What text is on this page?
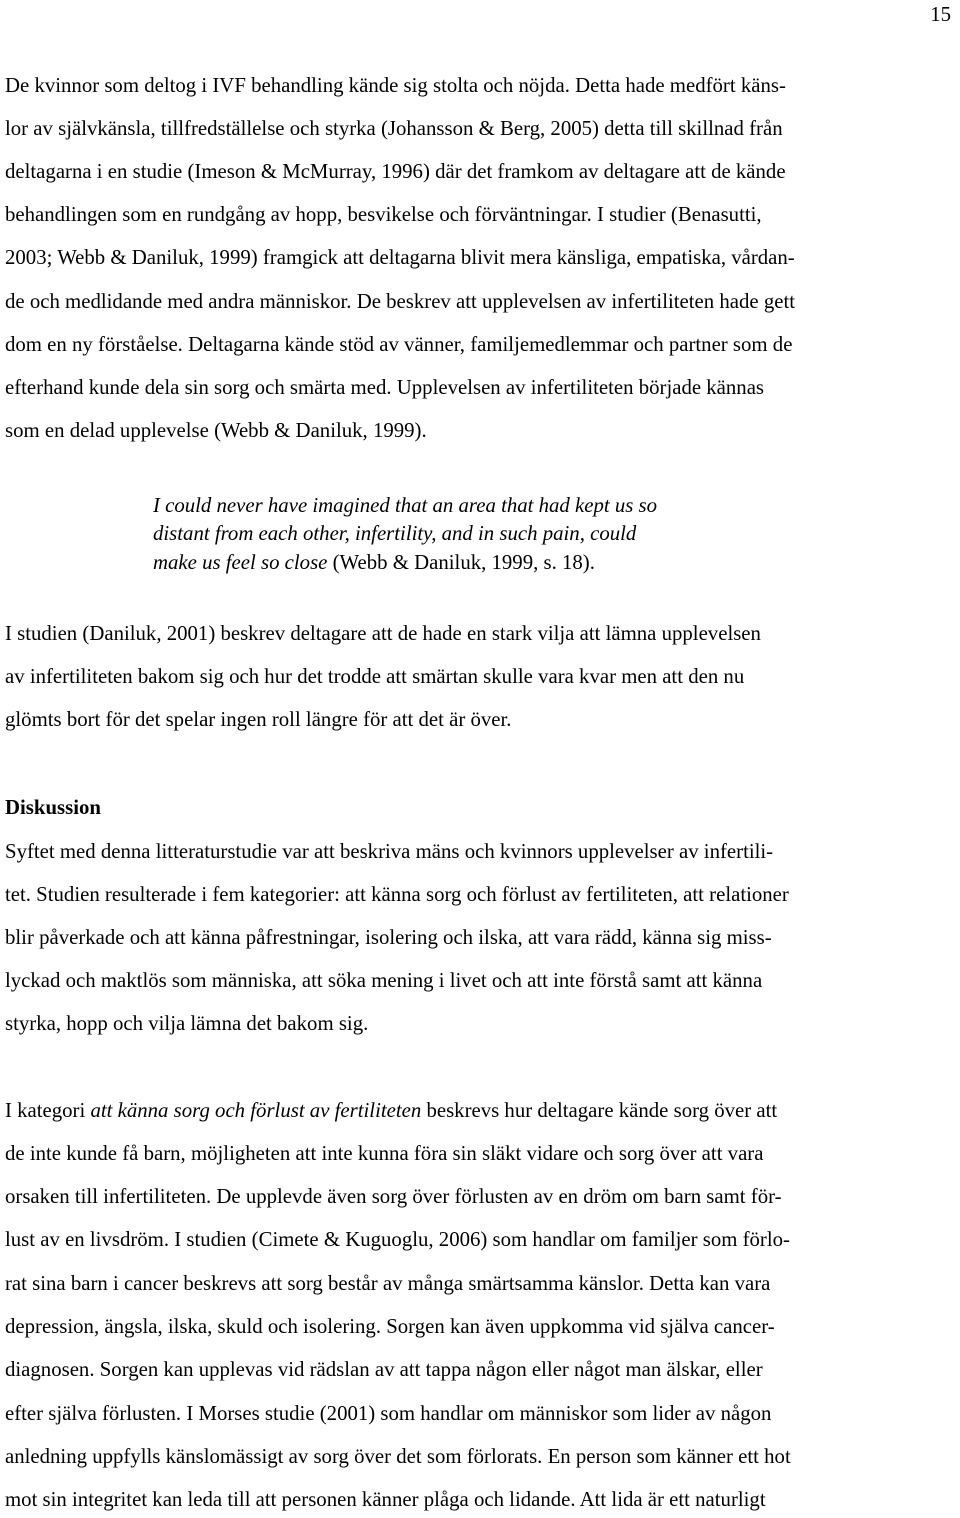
15
De kvinnor som deltog i IVF behandling kände sig stolta och nöjda. Detta hade medfört käns-
lor av självkänsla, tillfredställelse och styrka (Johansson & Berg, 2005) detta till skillnad från
deltagarna i en studie (Imeson & McMurray, 1996) där det framkom av deltagare att de kände
behandlingen som en rundgång av hopp, besvikelse och förväntningar. I studier (Benasutti,
2003; Webb & Daniluk, 1999) framgick att deltagarna blivit mera känsliga, empatiska, vårdan-
de och medlidande med andra människor. De beskrev att upplevelsen av infertiliteten hade gett
dom en ny förståelse. Deltagarna kände stöd av vänner, familjemedlemmar och partner som de
efterhand kunde dela sin sorg och smärta med. Upplevelsen av infertiliteten började kännas
som en delad upplevelse (Webb & Daniluk, 1999).
I could never have imagined that an area that had kept us so
distant from each other, infertility, and in such pain, could
make us feel so close (Webb & Daniluk, 1999, s. 18).
I studien (Daniluk, 2001) beskrev deltagare att de hade en stark vilja att lämna upplevelsen
av infertiliteten bakom sig och hur det trodde att smärtan skulle vara kvar men att den nu
glömts bort för det spelar ingen roll längre för att det är över.
Diskussion
Syftet med denna litteraturstudie var att beskriva mäns och kvinnors upplevelser av infertili-
tet. Studien resulterade i fem kategorier: att känna sorg och förlust av fertiliteten, att relationer
blir påverkade och att känna påfrestningar, isolering och ilska, att vara rädd, känna sig miss-
lyckad och maktlös som människa, att söka mening i livet och att inte förstå samt att känna
styrka, hopp och vilja lämna det bakom sig.
I kategori att känna sorg och förlust av fertiliteten beskrevs hur deltagare kände sorg över att
de inte kunde få barn, möjligheten att inte kunna föra sin släkt vidare och sorg över att vara
orsaken till infertiliteten. De upplevde även sorg över förlusten av en dröm om barn samt för-
lust av en livsdröm. I studien (Cimete & Kuguoglu, 2006) som handlar om familjer som förlo-
rat sina barn i cancer beskrevs att sorg består av många smärtsamma känslor. Detta kan vara
depression, ängsla, ilska, skuld och isolering. Sorgen kan även uppkomma vid själva cancer-
diagnosen. Sorgen kan upplevas vid rädslan av att tappa någon eller något man älskar, eller
efter själva förlusten. I Morses studie (2001) som handlar om människor som lider av någon
anledning uppfylls känslomässigt av sorg över det som förlorats. En person som känner ett hot
mot sin integritet kan leda till att personen känner plåga och lidande. Att lida är ett naturligt
